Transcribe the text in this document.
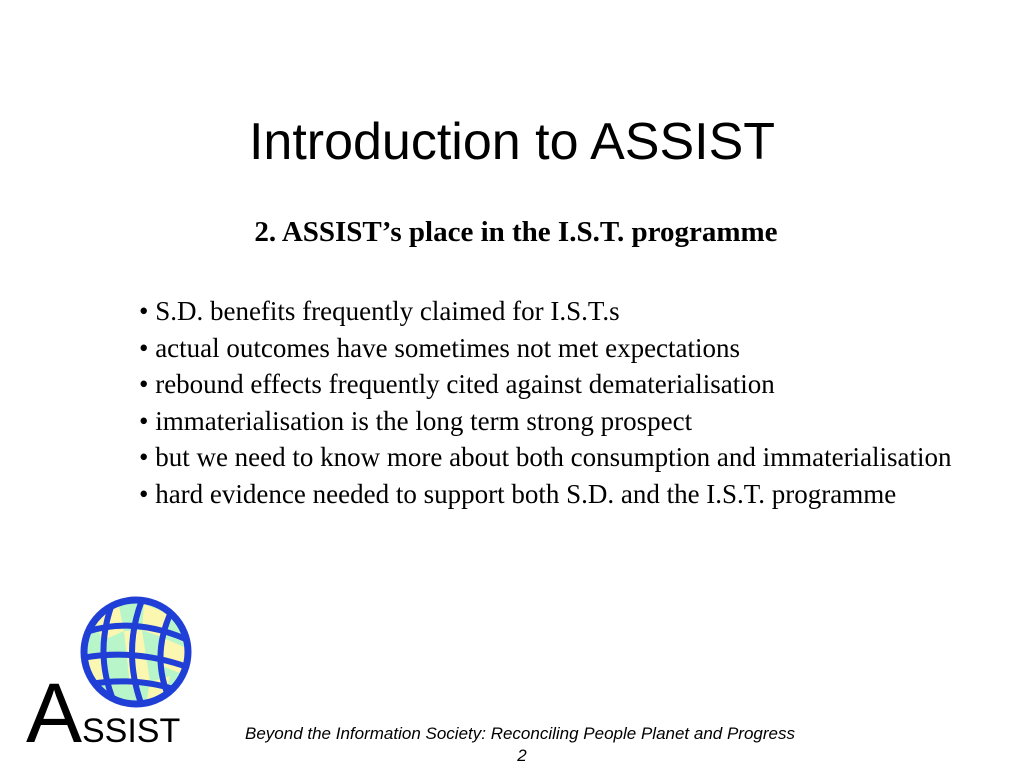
Introduction to ASSIST
2. ASSIST’s place in the I.S.T. programme
• S.D. benefits frequently claimed for I.S.T.s
• actual outcomes have sometimes not met expectations
• rebound effects frequently cited against dematerialisation
• immaterialisation is the long term strong prospect
• but we need to know more about both consumption and immaterialisation
• hard evidence needed to support both S.D. and the I.S.T. programme
A SSIST	Beyond the Information Society: Reconciling People Planet and Progress

2
